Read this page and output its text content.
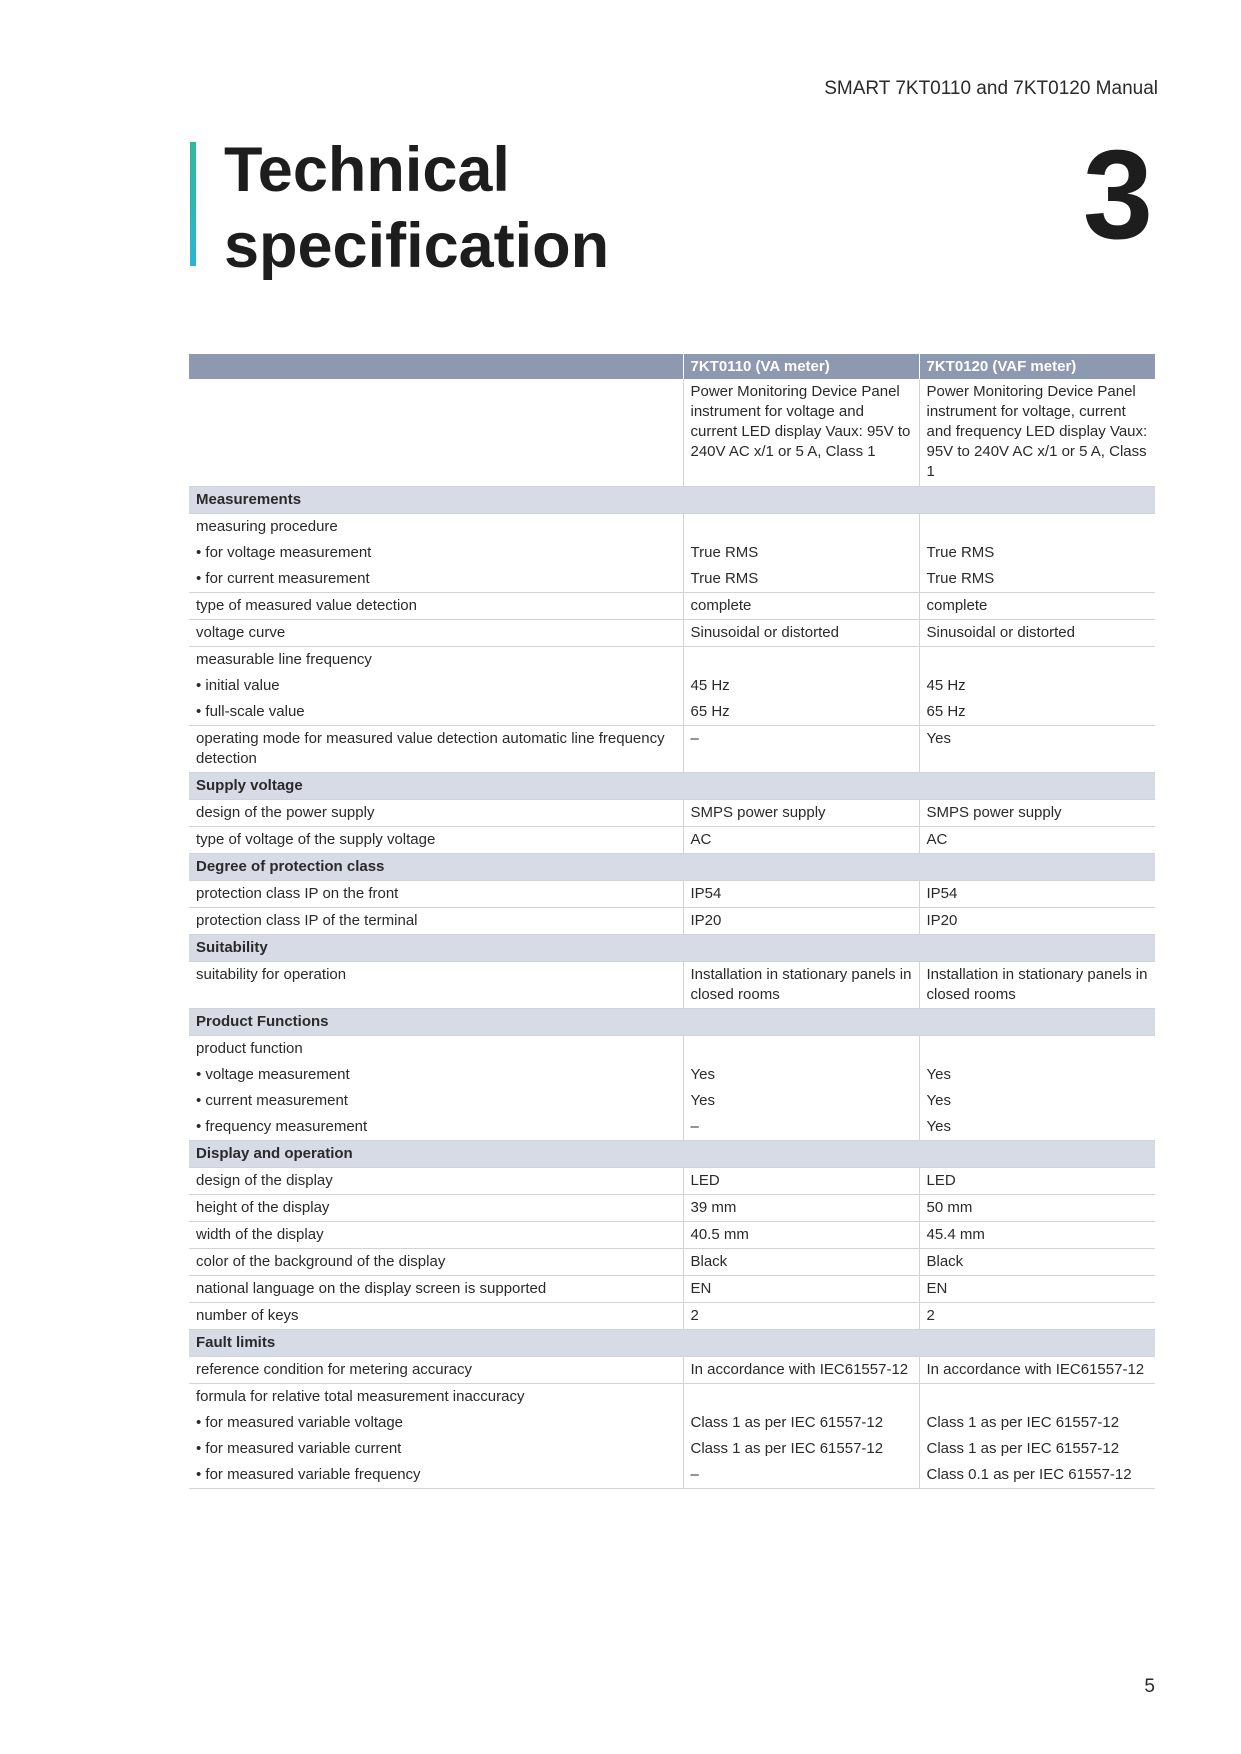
SMART 7KT0110 and 7KT0120 Manual
Technical
specification	3
	7KT0110 (VA meter)	7KT0120 (VAF meter)
	Power Monitoring Device Panel instrument for voltage and current LED display Vaux: 95V to 240V AC x/1 or 5 A, Class 1	Power Monitoring Device Panel instrument for voltage, current and frequency LED display Vaux: 95V to 240V AC x/1 or 5 A, Class 1
Measurements		
measuring procedure		
• for voltage measurement	True RMS	True RMS
• for current measurement	True RMS	True RMS
type of measured value detection	complete	complete
voltage curve	Sinusoidal or distorted	Sinusoidal or distorted
measurable line frequency		
• initial value	45 Hz	45 Hz
• full-scale value	65 Hz	65 Hz
operating mode for measured value detection automatic line frequency detection	–	Yes
Supply voltage		
design of the power supply	SMPS power supply	SMPS power supply
type of voltage of the supply voltage	AC	AC
Degree of protection class		
protection class IP on the front	IP54	IP54
protection class IP of the terminal	IP20	IP20
Suitability		
suitability for operation	Installation in stationary panels in closed rooms	Installation in stationary panels in closed rooms
Product Functions		
product function		
• voltage measurement	Yes	Yes
• current measurement	Yes	Yes
• frequency measurement	–	Yes
Display and operation		
design of the display	LED	LED
height of the display	39 mm	50 mm
width of the display	40.5 mm	45.4 mm
color of the background of the display	Black	Black
national language on the display screen is supported	EN	EN
number of keys	2	2
Fault limits		
reference condition for metering accuracy	In accordance with IEC61557-12	In accordance with IEC61557-12
formula for relative total measurement inaccuracy		
• for measured variable voltage	Class 1 as per IEC 61557-12	Class 1 as per IEC 61557-12
• for measured variable current	Class 1 as per IEC 61557-12	Class 1 as per IEC 61557-12
• for measured variable frequency	–	Class 0.1 as per IEC 61557-12
5
